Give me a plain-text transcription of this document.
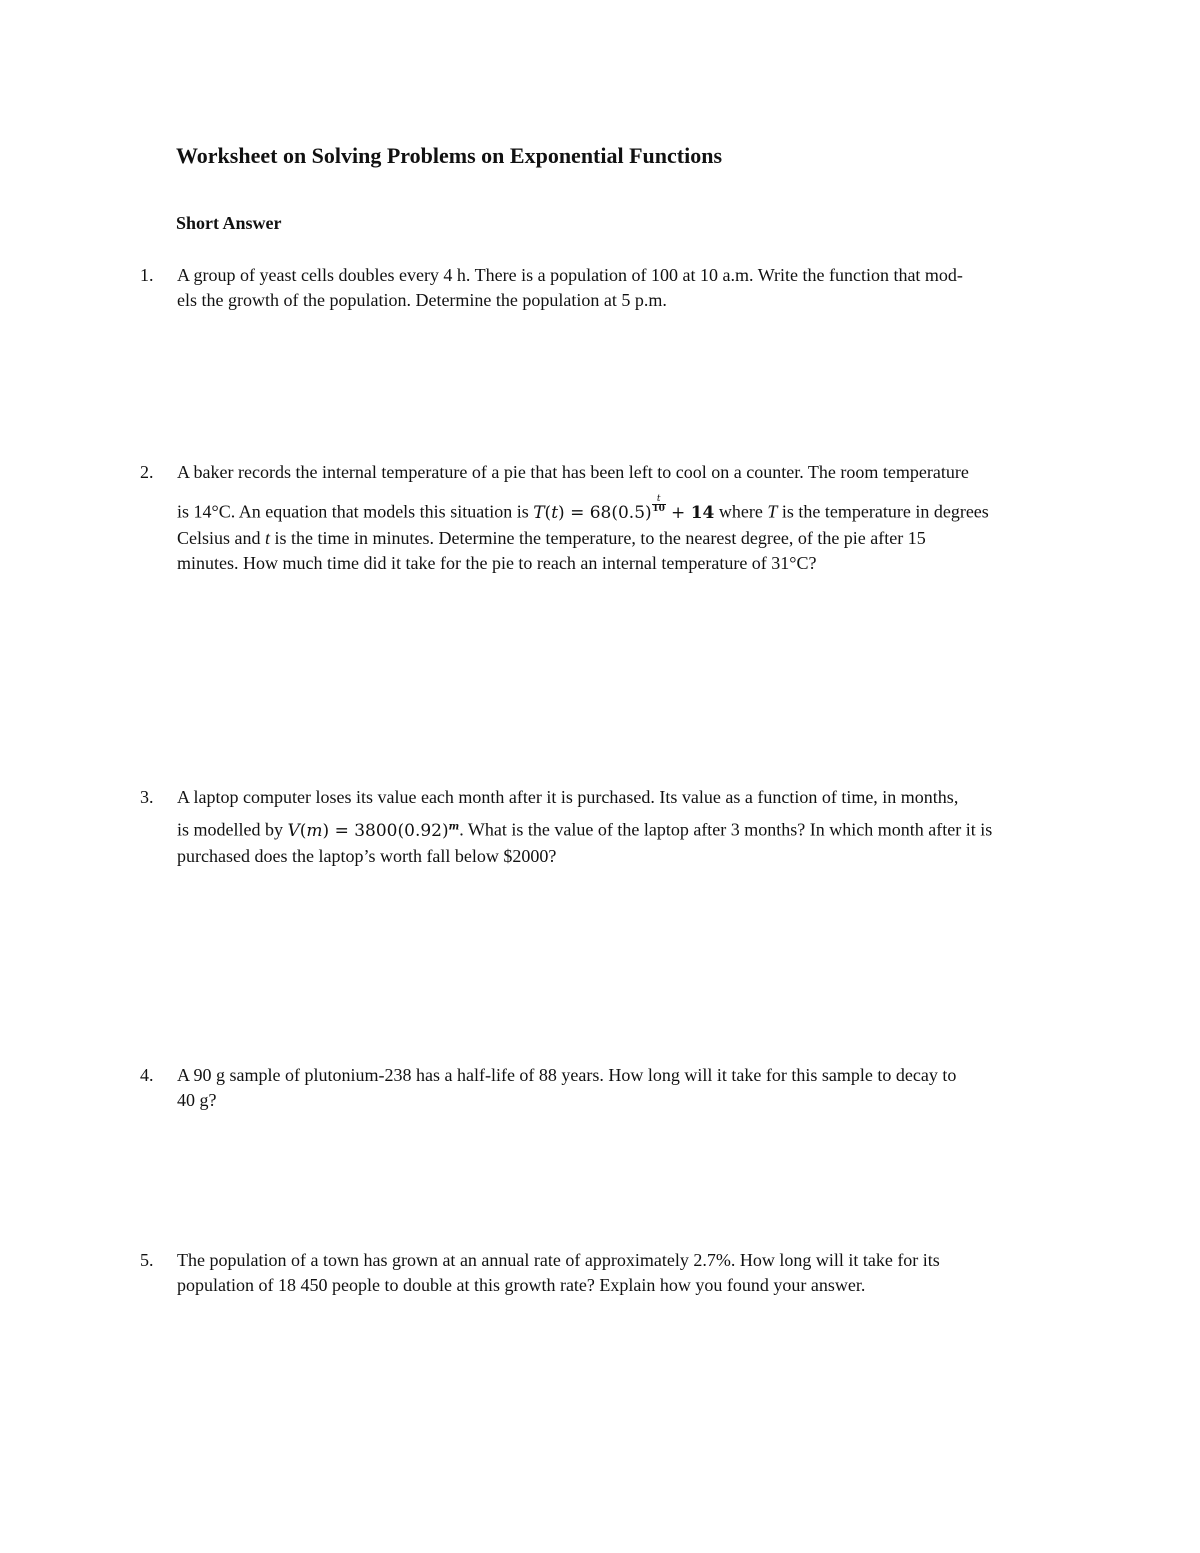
Worksheet on Solving Problems on Exponential Functions
Short Answer
1.	A group of yeast cells doubles every 4 h. There is a population of 100 at 10 a.m. Write the function that mod-
els the growth of the population. Determine the population at 5 p.m.
2.	A baker records the internal temperature of a pie that has been left to cool on a counter. The room temperature
is 14°C. An equation that models this situation is $T(t) = 68(0.5) \frac{t}{10} + 14$ where T is the temperature in degrees
Celsius and t is the time in minutes. Determine the temperature, to the nearest degree, of the pie after 15
minutes. How much time did it take for the pie to reach an internal temperature of 31°C?
3.	A laptop computer loses its value each month after it is purchased. Its value as a function of time, in months,
is modelled by $V(m) = 3800(0.92)^m$. What is the value of the laptop after 3 months? In which month after it is
purchased does the laptop’s worth fall below $2000?
4.	A 90 g sample of plutonium-238 has a half-life of 88 years. How long will it take for this sample to decay to
40 g?
5.	The population of a town has grown at an annual rate of approximately 2.7%. How long will it take for its
population of 18 450 people to double at this growth rate? Explain how you found your answer.
